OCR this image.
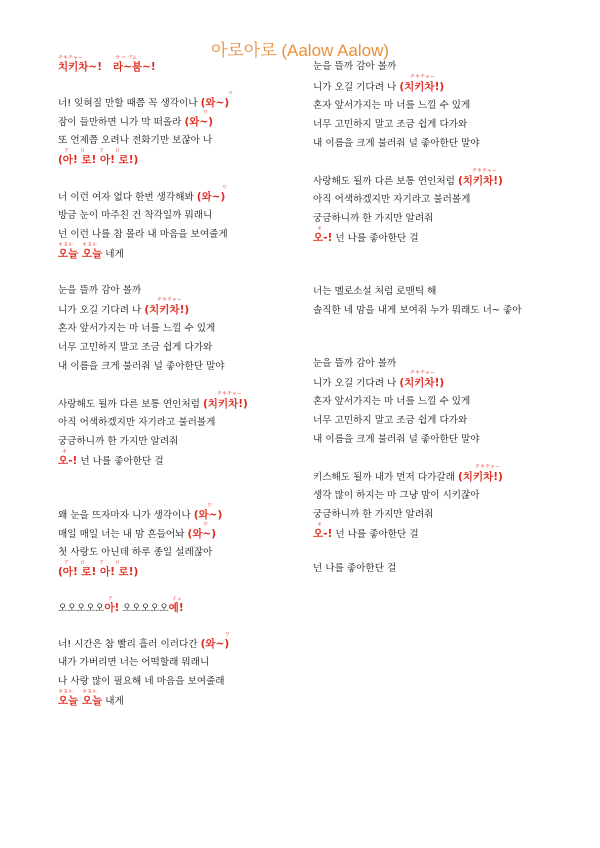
아로아로 (Aalow Aalow)
チキチャー	ラ ~ ブム
치키차~! 라~붐~!
너! 잊혀질 만할 때쯤 꼭 생각이나 (와~)
ワ
잠이 들만하면 니가 막 떠올라 (와~)
ワ
또 언제쯤 오려나 전화기만 보잖아 나
ア ロ	ア ロ
(아! 로! 아! 로!)
너 이런 여자 없다 한번 생각해봐 (와~)
ワ
방금 눈이 마주친 건 착각일까 뭐래니
넌 이런 나를 참 몰라 내 마음을 보여줄게
オヌル オヌル
오늘 오늘 네게
눈을 뜰까 감아 볼까
니가 오길 기다려 나 (치키차!)
チキチャー
혼자 앞서가지는 마 너를 느낄 수 있게
너무 고민하지 말고 조금 쉽게 다가와
내 이름을 크게 불러줘 널 좋아한단 말야
사랑해도 될까 다른 보통 연인처럼 (치키차!)
チキチャー
아직 어색하겠지만 자기라고 불러볼게
궁금하니까 한 가지만 알려줘
オ
오-! 넌 나를 좋아한단 걸
왜 눈을 뜨자마자 니가 생각이나 (와~)
ワ
매일 매일 너는 내 맘 흔들어놔 (와~)
ワ
첫 사랑도 아닌데 하루 종일 설레잖아
ア ロ	ア ロ
(아! 로! 아! 로!)
ア	イェ
오오오오오아! 오오오오오예!
너! 시간은 참 빨리 흘러 이러다간 (와~)
ワ
내가 가버리면 너는 어떡할래 뭐래니
나 사랑 많이 필요해 네 마음을 보여줄래
オヌル オヌル
오늘 오늘 내게
눈을 뜰까 감아 볼까
니가 오길 기다려 나 (치키차!)
チキチャー
혼자 앞서가지는 마 너를 느낄 수 있게
너무 고민하지 말고 조금 쉽게 다가와
내 이름을 크게 불러줘 널 좋아한단 말야
사랑해도 될까 다른 보통 연인처럼 (치키차!)
チキチャー
아직 어색하겠지만 자기라고 불러볼게
궁금하니까 한 가지만 알려줘
オ
오-! 넌 나를 좋아한단 걸
너는 멜로소설 처럼 로맨틱 해
솔직한 네 맘을 내게 보여줘 누가 뭐래도 너~ 좋아
눈을 뜰까 감아 볼까
니가 오길 기다려 나 (치키차!)
チキチャー
혼자 앞서가지는 마 너를 느낄 수 있게
너무 고민하지 말고 조금 쉽게 다가와
내 이름을 크게 불러줘 널 좋아한단 말야
키스해도 될까 내가 먼저 다가갈래 (치키차!)
チキチャー
생각 많이 하지는 마 그냥 맘이 시키잖아
궁금하니까 한 가지만 알려줘
オ
오-! 넌 나를 좋아한단 걸
넌 나를 좋아한단 걸
